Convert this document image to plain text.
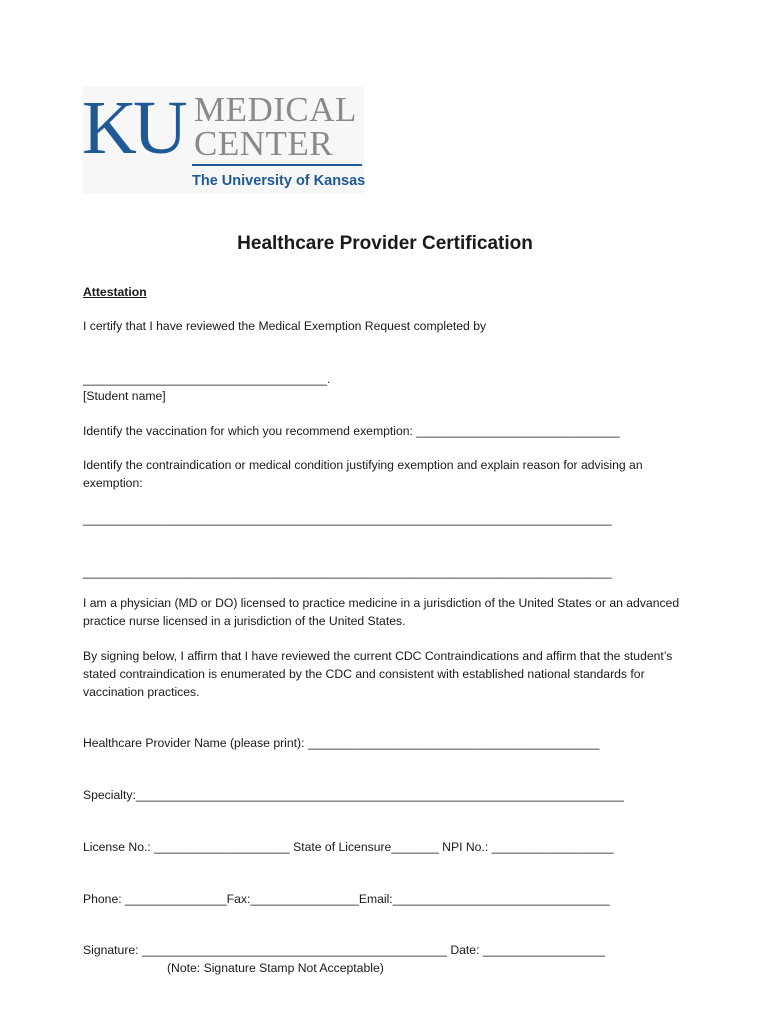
KU MEDICAL
CENTER
The University of Kansas
Healthcare Provider Certification
Attestation
I certify that I have reviewed the Medical Exemption Request completed by
____________________________________.
[Student name]
Identify the vaccination for which you recommend exemption: ______________________________
Identify the contraindication or medical condition justifying exemption and explain reason for advising an exemption:
______________________________________________________________________________
______________________________________________________________________________
I am a physician (MD or DO) licensed to practice medicine in a jurisdiction of the United States or an advanced practice nurse licensed in a jurisdiction of the United States.
By signing below, I affirm that I have reviewed the current CDC Contraindications and affirm that the student’s stated contraindication is enumerated by the CDC and consistent with established national standards for vaccination practices.
Healthcare Provider Name (please print): ___________________________________________
Specialty:________________________________________________________________________
License No.: ____________________ State of Licensure_______ NPI No.: __________________
Phone: _______________Fax:________________Email:________________________________
Signature: _____________________________________________ Date: __________________
(Note: Signature Stamp Not Acceptable)
